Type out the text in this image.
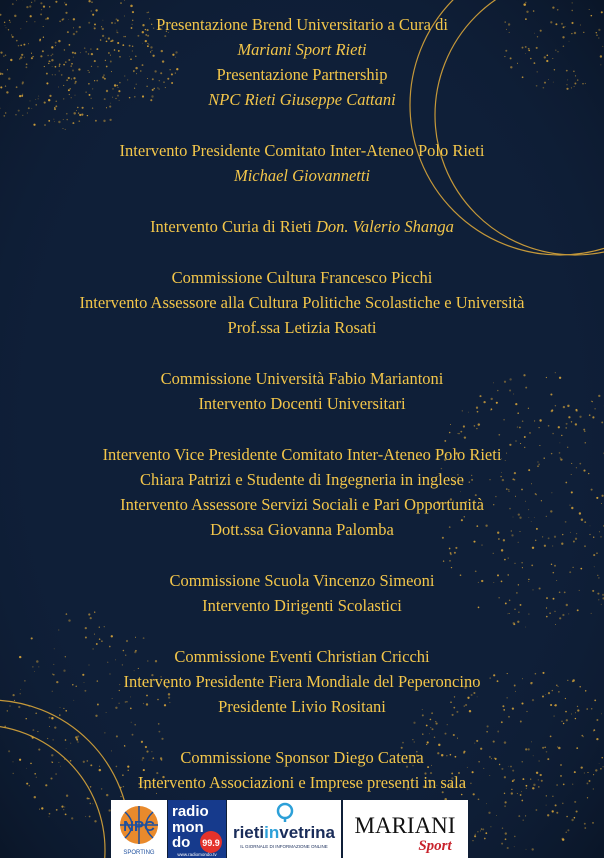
Presentazione Brend Universitario a Cura di
Mariani Sport Rieti
Presentazione Partnership
NPC Rieti Giuseppe Cattani
Intervento Presidente Comitato Inter-Ateneo Polo Rieti
Michael Giovannetti
Intervento Curia di Rieti Don. Valerio Shanga
Commissione Cultura Francesco Picchi
Intervento Assessore alla Cultura Politiche Scolastiche e Università
Prof.ssa Letizia Rosati
Commissione Università Fabio Mariantoni
Intervento Docenti Universitari
Intervento Vice Presidente Comitato Inter-Ateneo Polo Rieti
Chiara Patrizi e Studente di Ingegneria in inglese
Intervento Assessore Servizi Sociali e Pari Opportunità
Dott.ssa Giovanna Palomba
Commissione Scuola Vincenzo Simeoni
Intervento Dirigenti Scolastici
Commissione Eventi Christian Cricchi
Intervento Presidente Fiera Mondiale del Peperoncino
Presidente Livio Rositani
Commissione Sponsor Diego Catena
Intervento Associazioni e Imprese presenti in sala
NPC
SPORTING
radio
mon
do 99.9
www.radiomondo.tv
rietiinvetrina
IL GIORNALE DI INFORMAZIONE ONLINE
MARIANI
Sport
